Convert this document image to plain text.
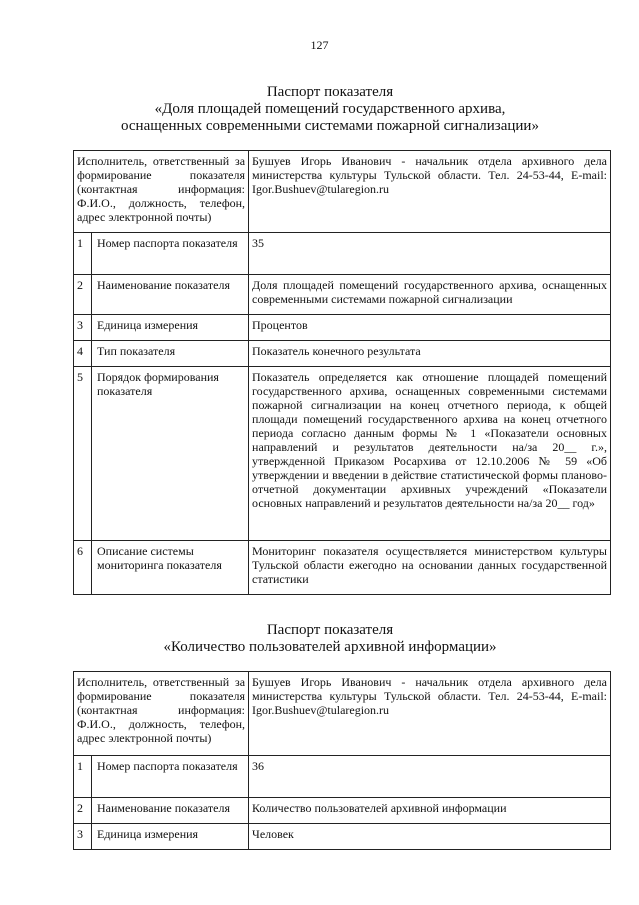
127
Паспорт показателя
«Доля площадей помещений государственного архива,
оснащенных современными системами пожарной сигнализации»
Исполнитель, ответственный за формирование показателя (контактная информация: Ф.И.О., должность, телефон, адрес электронной почты)		Бушуев Игорь Иванович - начальник отдела архивного дела министерства культуры Тульской области. Тел. 24-53-44, E-mail: Igor.Bushuev@tularegion.ru
1	Номер паспорта показателя	35
2	Наименование показателя	Доля площадей помещений государственного архива, оснащенных современными системами пожарной сигнализации
3	Единица измерения	Процентов
4	Тип показателя	Показатель конечного результата
5	Порядок формирования показателя	Показатель определяется как отношение площадей помещений государственного архива, оснащенных современными системами пожарной сигнализации на конец отчетного периода, к общей площади помещений государственного архива на конец отчетного периода согласно данным формы № 1 «Показатели основных направлений и результатов деятельности на/за 20__ г.», утвержденной Приказом Росархива от 12.10.2006 № 59 «Об утверждении и введении в действие статистической формы планово-отчетной документации архивных учреждений «Показатели основных направлений и результатов деятельности на/за 20__ год»
6	Описание системы мониторинга показателя	Мониторинг показателя осуществляется министерством культуры Тульской области ежегодно на основании данных государственной статистики
Паспорт показателя
«Количество пользователей архивной информации»
Исполнитель, ответственный за формирование показателя (контактная информация: Ф.И.О., должность, телефон, адрес электронной почты)		Бушуев Игорь Иванович - начальник отдела архивного дела министерства культуры Тульской области. Тел. 24-53-44, E-mail: Igor.Bushuev@tularegion.ru
1	Номер паспорта показателя	36
2	Наименование показателя	Количество пользователей архивной информации
3	Единица измерения	Человек
